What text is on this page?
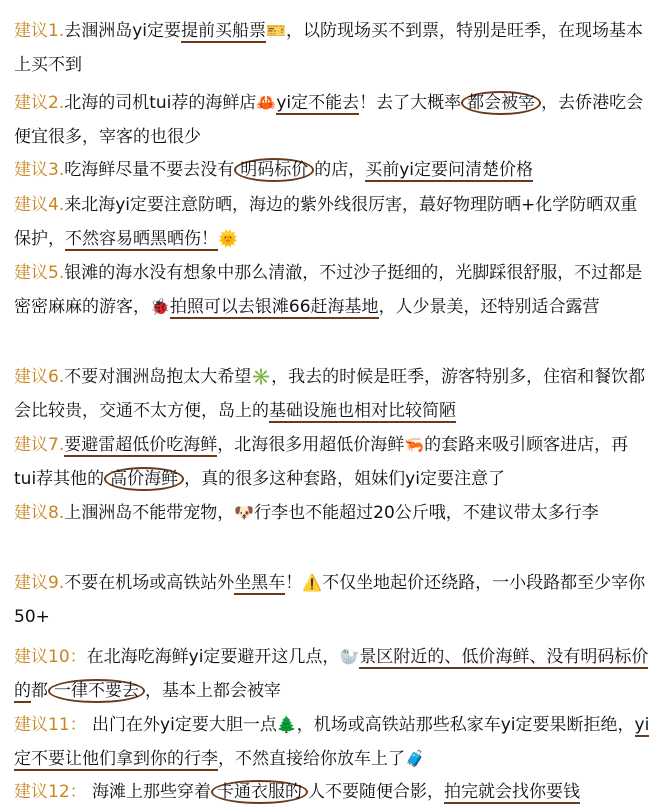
建议1.去涠洲岛yi定要提前买船票🎫，以防现场买不到票，特别是旺季，在现场基本上买不到
建议2.北海的司机tui荐的海鲜店🦀yi定不能去！去了大概率 都会被宰 ，去侨港吃会便宜很多，宰客的也很少
建议3.吃海鲜尽量不要去没有 明码标价 的店，买前yi定要问清楚价格
建议4.来北海yi定要注意防晒，海边的紫外线很厉害，蕞好物理防晒+化学防晒双重保护，不然容易晒黑晒伤！🌞
建议5.银滩的海水没有想象中那么清澈，不过沙子挺细的，光脚踩很舒服，不过都是密密麻麻的游客，🐞拍照可以去银滩66赶海基地，人少景美，还特别适合露营
建议6.不要对涠洲岛抱太大希望✳️，我去的时候是旺季，游客特别多，住宿和餐饮都会比较贵，交通不太方便，岛上的基础设施也相对比较简陋
建议7.要避雷超低价吃海鲜，北海很多用超低价海鲜🦐的套路来吸引顾客进店，再tui荐其他的 高价海鲜 ，真的很多这种套路，姐妹们yi定要注意了
建议8.上涠洲岛不能带宠物，🐶行李也不能超过20公斤哦，不建议带太多行李
建议9.不要在机场或高铁站外坐黑车！⚠️不仅坐地起价还绕路，一小段路都至少宰你50+
建议10：在北海吃海鲜yi定要避开这几点，🦭景区附近的、低价海鲜、没有明码标价的都 一律不要去 ，基本上都会被宰
建议11： 出门在外yi定要大胆一点🌲，机场或高铁站那些私家车yi定要果断拒绝，yi定不要让他们拿到你的行李，不然直接给你放车上了🧳
建议12： 海滩上那些穿着 卡通衣服的 人不要随便合影，拍完就会找你要钱
